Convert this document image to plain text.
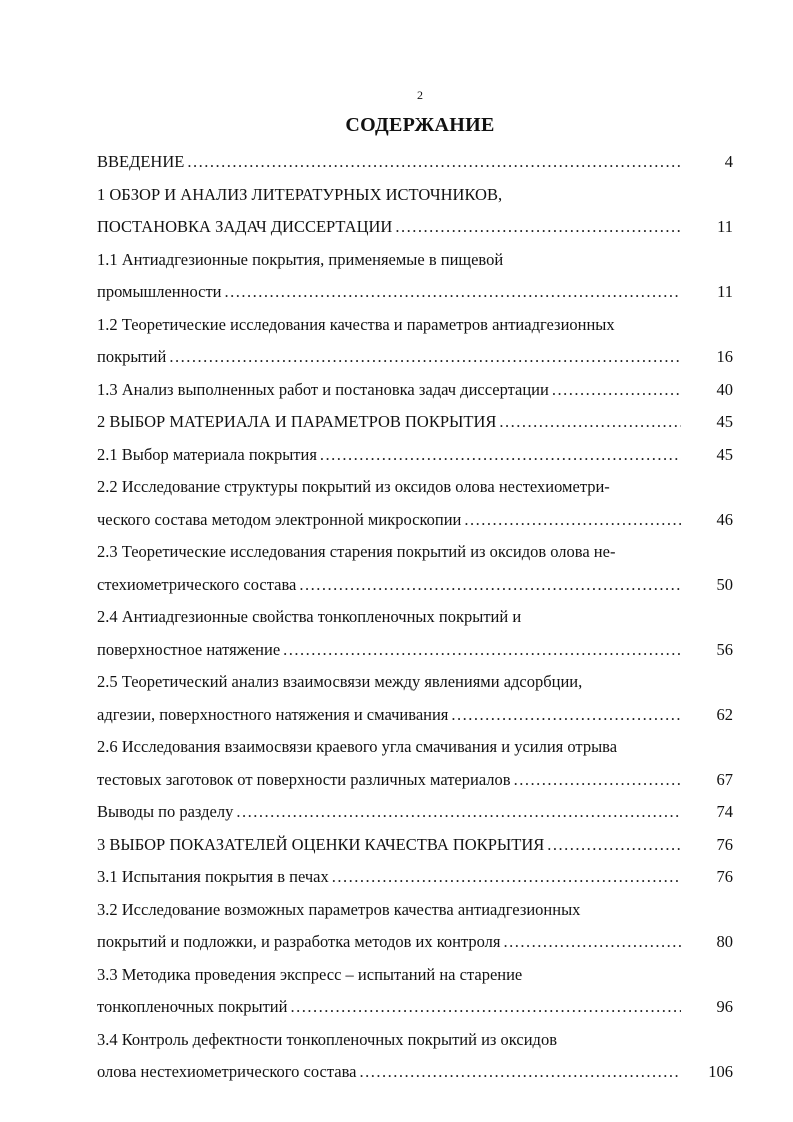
2
СОДЕРЖАНИЕ
ВВЕДЕНИЕ .....	4
1 ОБЗОР И АНАЛИЗ ЛИТЕРАТУРНЫХ ИСТОЧНИКОВ,
ПОСТАНОВКА ЗАДАЧ ДИССЕРТАЦИИ .....	11
1.1 Антиадгезионные покрытия, применяемые в пищевой
промышленности .....	11
1.2 Теоретические исследования качества и параметров антиадгезионных
покрытий .....	16
1.3 Анализ выполненных работ и постановка задач диссертации .....	40
2 ВЫБОР МАТЕРИАЛА И ПАРАМЕТРОВ ПОКРЫТИЯ .....	45
2.1 Выбор материала покрытия .....	45
2.2 Исследование структуры покрытий из оксидов олова нестехиометри-
ческого состава методом электронной микроскопии .....	46
2.3 Теоретические исследования старения покрытий из оксидов олова не-
стехиометрического состава .....	50
2.4 Антиадгезионные свойства тонкопленочных покрытий и
поверхностное натяжение .....	56
2.5 Теоретический анализ взаимосвязи между явлениями адсорбции,
адгезии, поверхностного натяжения и смачивания .....	62
2.6 Исследования взаимосвязи краевого угла смачивания и усилия отрыва
тестовых заготовок от поверхности различных материалов .....	67
Выводы по разделу .....	74
3 ВЫБОР ПОКАЗАТЕЛЕЙ ОЦЕНКИ КАЧЕСТВА ПОКРЫТИЯ .....	76
3.1 Испытания покрытия в печах .....	76
3.2 Исследование возможных параметров качества антиадгезионных
покрытий и подложки, и разработка методов их контроля .....	80
3.3 Методика проведения экспресс – испытаний на старение
тонкопленочных покрытий .....	96
3.4 Контроль дефектности тонкопленочных покрытий из оксидов
олова нестехиометрического состава .....	106
